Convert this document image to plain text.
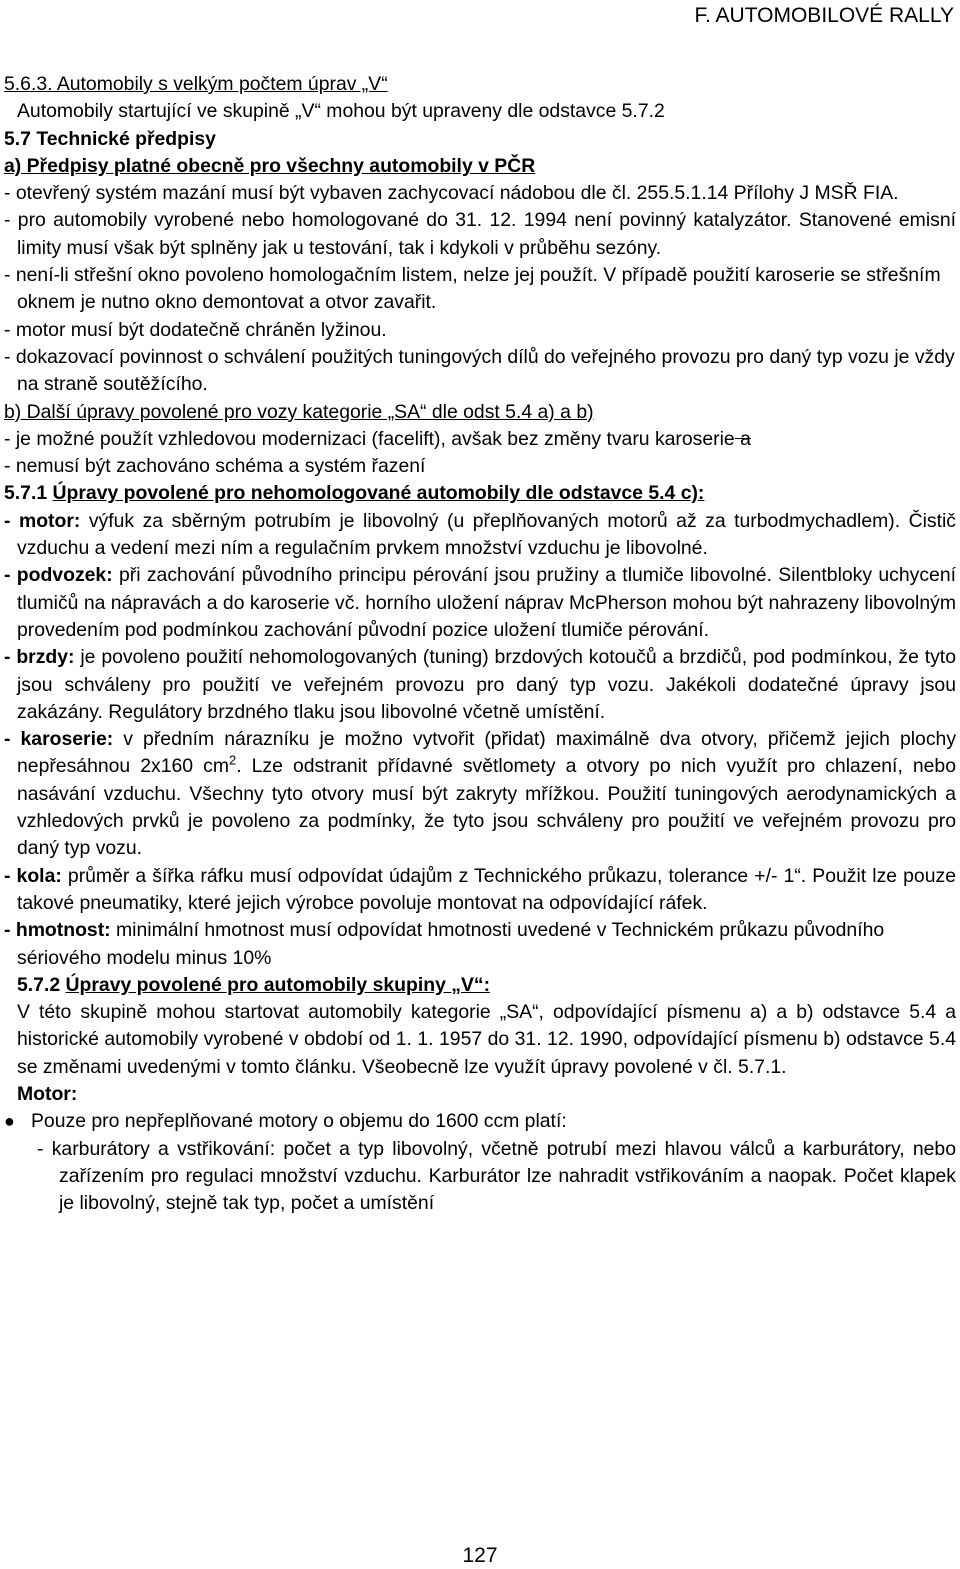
F. AUTOMOBILOVÉ RALLY

5.6.3. Automobily s velkým počtem úprav „V“

Automobily startující ve skupině „V“ mohou být upraveny dle odstavce 5.7.2

5.7 Technické předpisy

a) Předpisy platné obecně pro všechny automobily v PČR

- otevřený systém mazání musí být vybaven zachycovací nádobou dle čl. 255.5.1.14 Přílohy J MSŘ FIA.

- pro automobily vyrobené nebo homologované do 31. 12. 1994 není povinný katalyzátor. Stanovené emisní limity musí však být splněny jak u testování, tak i kdykoli v průběhu sezóny.

- není-li střešní okno povoleno homologačním listem, nelze jej použít. V případě použití karoserie se střešním oknem je nutno okno demontovat a otvor zavařit.

- motor musí být dodatečně chráněn lyžinou.

- dokazovací povinnost o schválení použitých tuningových dílů do veřejného provozu pro daný typ vozu je vždy na straně soutěžícího.

b) Další úpravy povolené pro vozy kategorie „SA“ dle odst 5.4 a) a b)

- je možné použít vzhledovou modernizaci (facelift), avšak bez změny tvaru karoserie a

- nemusí být zachováno schéma a systém řazení

5.7.1 Úpravy povolené pro nehomologované automobily dle odstavce 5.4 c):

- motor: výfuk za sběrným potrubím je libovolný (u přeplňovaných motorů až za turbodmychadlem). Čistič vzduchu a vedení mezi ním a regulačním prvkem množství vzduchu je libovolné.

- podvozek: při zachování původního principu pérování jsou pružiny a tlumiče libovolné. Silentbloky uchycení tlumičů na nápravách a do karoserie vč. horního uložení náprav McPherson mohou být nahrazeny libovolným provedením pod podmínkou zachování původní pozice uložení tlumiče pérování.

- brzdy: je povoleno použití nehomologovaných (tuning) brzdových kotoučů a brzdičů, pod podmínkou, že tyto jsou schváleny pro použití ve veřejném provozu pro daný typ vozu. Jakékoli dodatečné úpravy jsou zakázány. Regulátory brzdného tlaku jsou libovolné včetně umístění.

- karoserie: v předním nárazníku je možno vytvořit (přidat) maximálně dva otvory, přičemž jejich plochy nepřesáhnou 2x160 $cm^2$. Lze odstranit přídavné světlomety a otvory po nich využít pro chlazení, nebo nasávání vzduchu. Všechny tyto otvory musí být zakryty mřížkou. Použití tuningových aerodynamických a vzhledových prvků je povoleno za podmínky, že tyto jsou schváleny pro použití ve veřejném provozu pro daný typ vozu.

- kola: průměr a šířka ráfku musí odpovídat údajům z Technického průkazu, tolerance +/- 1“. Použit lze pouze takové pneumatiky, které jejich výrobce povoluje montovat na odpovídající ráfek.

- hmotnost: minimální hmotnost musí odpovídat hmotnosti uvedené v Technickém průkazu původního sériového modelu minus 10%

5.7.2 Úpravy povolené pro automobily skupiny „V“:

V této skupině mohou startovat automobily kategorie „SA“, odpovídající písmenu a) a b) odstavce 5.4 a historické automobily vyrobené v období od 1. 1. 1957 do 31. 12. 1990, odpovídající písmenu b) odstavce 5.4 se změnami uvedenými v tomto článku. Všeobecně lze využít úpravy povolené v čl. 5.7.1.

Motor:

● Pouze pro nepřeplňované motory o objemu do 1600 ccm platí:

- karburátory a vstřikování: počet a typ libovolný, včetně potrubí mezi hlavou válců a karburátory, nebo zařízením pro regulaci množství vzduchu. Karburátor lze nahradit vstřikováním a naopak. Počet klapek je libovolný, stejně tak typ, počet a umístění

127
